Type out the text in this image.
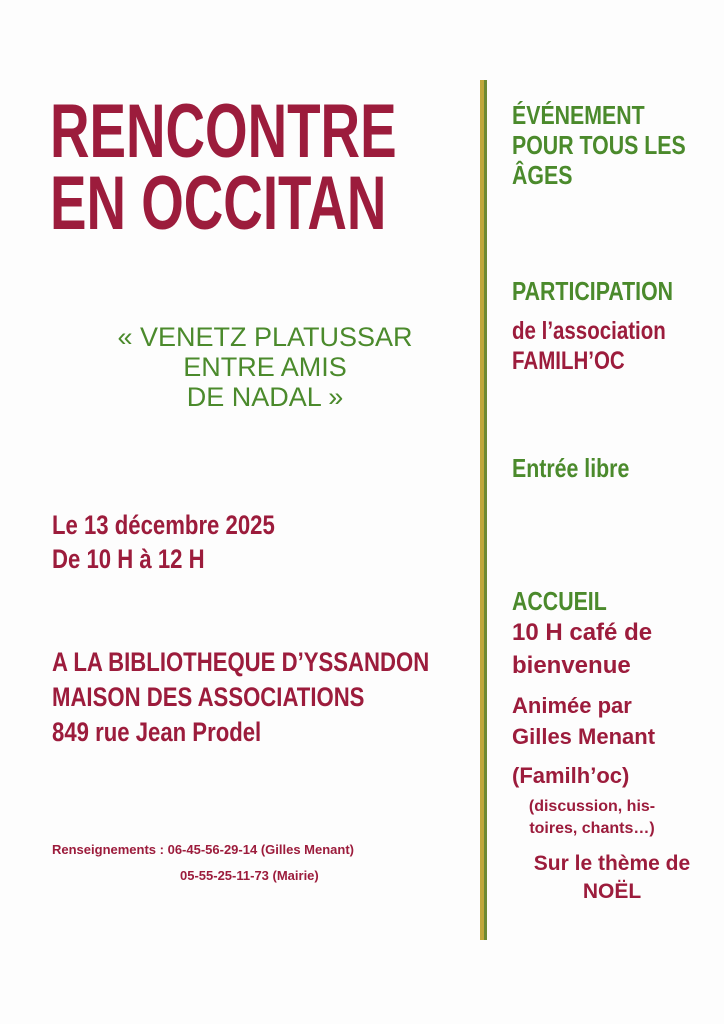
RENCONTRE
EN OCCITAN
« VENETZ PLATUSSAR
ENTRE AMIS
DE NADAL »
Le 13 décembre 2025
De 10 H à 12 H
A LA BIBLIOTHEQUE D’YSSANDON
MAISON DES ASSOCIATIONS
849 rue Jean Prodel
Renseignements : 06-45-56-29-14 (Gilles Menant)
05-55-25-11-73 (Mairie)
ÉVÉNEMENT
POUR TOUS LES
ÂGES
PARTICIPATION
de l’association
FAMILH’OC
Entrée libre
ACCUEIL
10 H café de
bienvenue
Animée par
Gilles Menant
(Familh’oc)
(discussion, his-
toires, chants…)
Sur le thème de
NOËL
